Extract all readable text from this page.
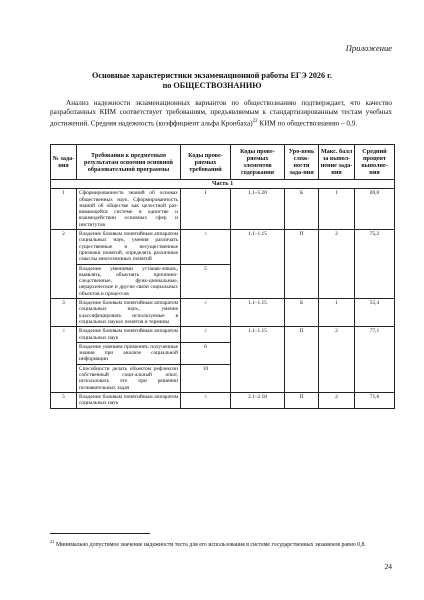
Приложение
Основные характеристики экзаменационной работы ЕГЭ 2026 г.
по ОБЩЕСТВОЗНАНИЮ
Анализ надежности экзаменационных вариантов по обществознанию подтверждает, что качество разработанных КИМ соответствует требованиям, предъявляемым к стандартизированным тестам учебных достижений. Средняя надежность (коэффициент альфа Кронбаха)$^{22}$ КИМ по обществознанию – 0,9.
№ зада-ния	Требования к предметным результатам освоения основной образовательной программы	Коды прове-ряемых требований	Коды прове-ряемых элементов содержания	Уро-вень слож-ности зада-ния	Макс. балл за выпол-нение зада-ния	Средний процент выполне-ния
Часть 1						
1	Сформированность знаний об основах общественных наук. Сформированность знаний об обществе как целостной раз-вивающейся системе в единстве и взаимодействии основных сфер и институтов	1	1.1–5.20	Б	1	69,0
2	Владение базовым понятийным аппаратом социальных наук, умения различать существенные и несущественные признаки понятий, определять различные смыслы многозначных понятий	4	1.1–1.15	П	2	75,2
	Владение умениями устанав-ливать, выявлять, объяснять причинно-следственные, функ-циональные, иерархические и другие связи социальных объектов и процессов	5				
3	Владение базовым понятийным аппаратом социальных наук., умение классифицировать используемые в социальных науках понятия и термины	4	1.1–1.15	Б	1	55,4
4	Владение базовым понятийным аппаратом социальных наук	4	1.1–1.15	П	2	77,1
	Владение умением применять полученные знания при анализе социальной информации	6				
	Способности делать объектом рефлексии собственный соци-альный опыт, использовать его при решении познавательных задач	10				
5	Владение базовым понятийным аппаратом социальных наук	4	2.1–2.18	П	2	71,6
$^{22}$ Минимально допустимое значение надежности теста для его использования в системе государственных экзаменов равно 0,8.
24
